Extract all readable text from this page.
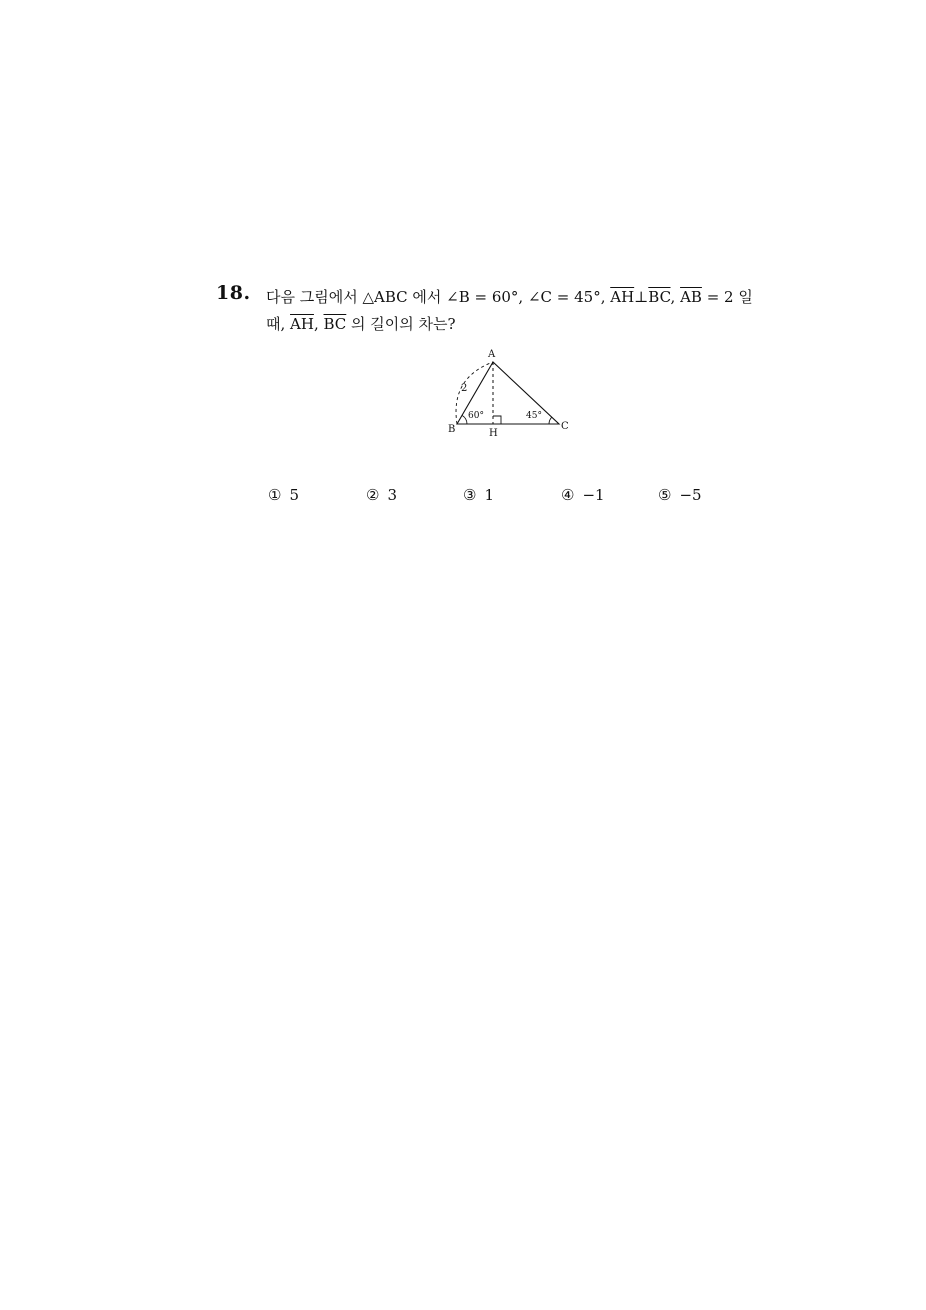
18. 다음 그림에서 △ABC 에서 ∠B = 60°, ∠C = 45°, $\overline{AH}\perp\overline{BC}$, $\overline{AB} = 2$ 일
때, $\overline{AH}$, $\overline{BC}$ 의 길이의 차는?
A
B	C
H
2
60°	45°
① 5	② 3	③ 1	④ −1	⑤ −5
